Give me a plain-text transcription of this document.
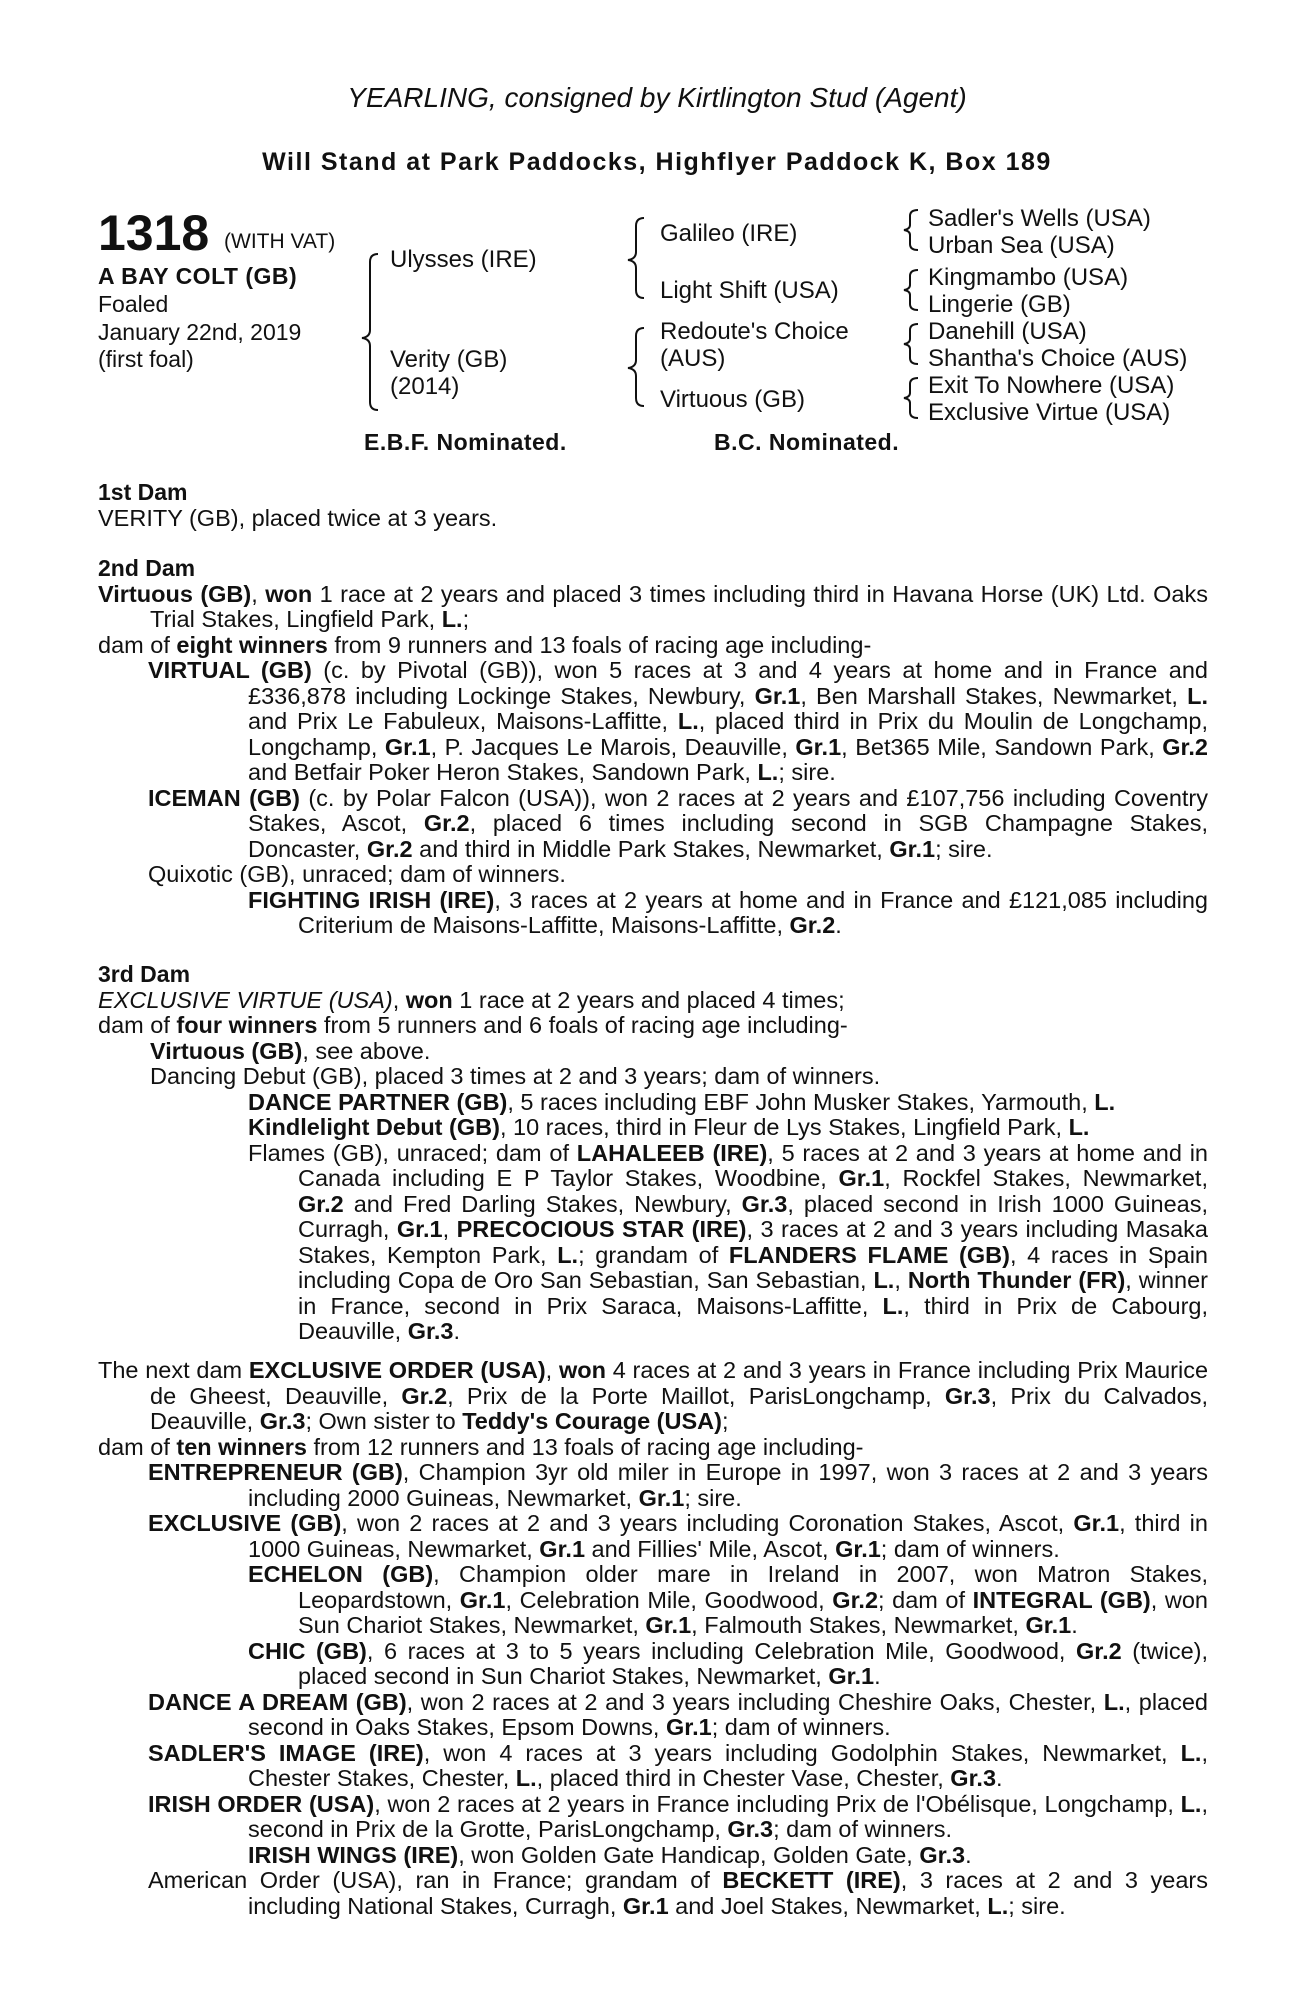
YEARLING, consigned by Kirtlington Stud (Agent)
Will Stand at Park Paddocks, Highflyer Paddock K, Box 189
1318 (WITH VAT)
A BAY COLT (GB)
Foaled
January 22nd, 2019
(first foal)
Ulysses (IRE)
Verity (GB)
(2014)
Galileo (IRE)
Light Shift (USA)
Redoute's Choice
(AUS)
Virtuous (GB)
Sadler's Wells (USA)
Urban Sea (USA)
Kingmambo (USA)
Lingerie (GB)
Danehill (USA)
Shantha's Choice (AUS)
Exit To Nowhere (USA)
Exclusive Virtue (USA)
E.B.F. Nominated.	B.C. Nominated.
1st Dam
VERITY (GB), placed twice at 3 years.
2nd Dam
Virtuous (GB), won 1 race at 2 years and placed 3 times including third in Havana Horse (UK) Ltd. Oaks Trial Stakes, Lingfield Park, L.;
dam of eight winners from 9 runners and 13 foals of racing age including-
VIRTUAL (GB) (c. by Pivotal (GB)), won 5 races at 3 and 4 years at home and in France and £336,878 including Lockinge Stakes, Newbury, Gr.1, Ben Marshall Stakes, Newmarket, L. and Prix Le Fabuleux, Maisons-Laffitte, L., placed third in Prix du Moulin de Longchamp, Longchamp, Gr.1, P. Jacques Le Marois, Deauville, Gr.1, Bet365 Mile, Sandown Park, Gr.2 and Betfair Poker Heron Stakes, Sandown Park, L.; sire.
ICEMAN (GB) (c. by Polar Falcon (USA)), won 2 races at 2 years and £107,756 including Coventry Stakes, Ascot, Gr.2, placed 6 times including second in SGB Champagne Stakes, Doncaster, Gr.2 and third in Middle Park Stakes, Newmarket, Gr.1; sire.
Quixotic (GB), unraced; dam of winners.
FIGHTING IRISH (IRE), 3 races at 2 years at home and in France and £121,085 including Criterium de Maisons-Laffitte, Maisons-Laffitte, Gr.2.
3rd Dam
EXCLUSIVE VIRTUE (USA), won 1 race at 2 years and placed 4 times;
dam of four winners from 5 runners and 6 foals of racing age including-
Virtuous (GB), see above.
Dancing Debut (GB), placed 3 times at 2 and 3 years; dam of winners.
DANCE PARTNER (GB), 5 races including EBF John Musker Stakes, Yarmouth, L.
Kindlelight Debut (GB), 10 races, third in Fleur de Lys Stakes, Lingfield Park, L.
Flames (GB), unraced; dam of LAHALEEB (IRE), 5 races at 2 and 3 years at home and in Canada including E P Taylor Stakes, Woodbine, Gr.1, Rockfel Stakes, Newmarket, Gr.2 and Fred Darling Stakes, Newbury, Gr.3, placed second in Irish 1000 Guineas, Curragh, Gr.1, PRECOCIOUS STAR (IRE), 3 races at 2 and 3 years including Masaka Stakes, Kempton Park, L.; grandam of FLANDERS FLAME (GB), 4 races in Spain including Copa de Oro San Sebastian, San Sebastian, L., North Thunder (FR), winner in France, second in Prix Saraca, Maisons-Laffitte, L., third in Prix de Cabourg, Deauville, Gr.3.
The next dam EXCLUSIVE ORDER (USA), won 4 races at 2 and 3 years in France including Prix Maurice de Gheest, Deauville, Gr.2, Prix de la Porte Maillot, ParisLongchamp, Gr.3, Prix du Calvados, Deauville, Gr.3; Own sister to Teddy's Courage (USA);
dam of ten winners from 12 runners and 13 foals of racing age including-
ENTREPRENEUR (GB), Champion 3yr old miler in Europe in 1997, won 3 races at 2 and 3 years including 2000 Guineas, Newmarket, Gr.1; sire.
EXCLUSIVE (GB), won 2 races at 2 and 3 years including Coronation Stakes, Ascot, Gr.1, third in 1000 Guineas, Newmarket, Gr.1 and Fillies' Mile, Ascot, Gr.1; dam of winners.
ECHELON (GB), Champion older mare in Ireland in 2007, won Matron Stakes, Leopardstown, Gr.1, Celebration Mile, Goodwood, Gr.2; dam of INTEGRAL (GB), won Sun Chariot Stakes, Newmarket, Gr.1, Falmouth Stakes, Newmarket, Gr.1.
CHIC (GB), 6 races at 3 to 5 years including Celebration Mile, Goodwood, Gr.2 (twice), placed second in Sun Chariot Stakes, Newmarket, Gr.1.
DANCE A DREAM (GB), won 2 races at 2 and 3 years including Cheshire Oaks, Chester, L., placed second in Oaks Stakes, Epsom Downs, Gr.1; dam of winners.
SADLER'S IMAGE (IRE), won 4 races at 3 years including Godolphin Stakes, Newmarket, L., Chester Stakes, Chester, L., placed third in Chester Vase, Chester, Gr.3.
IRISH ORDER (USA), won 2 races at 2 years in France including Prix de l'Obélisque, Longchamp, L., second in Prix de la Grotte, ParisLongchamp, Gr.3; dam of winners.
IRISH WINGS (IRE), won Golden Gate Handicap, Golden Gate, Gr.3.
American Order (USA), ran in France; grandam of BECKETT (IRE), 3 races at 2 and 3 years including National Stakes, Curragh, Gr.1 and Joel Stakes, Newmarket, L.; sire.
